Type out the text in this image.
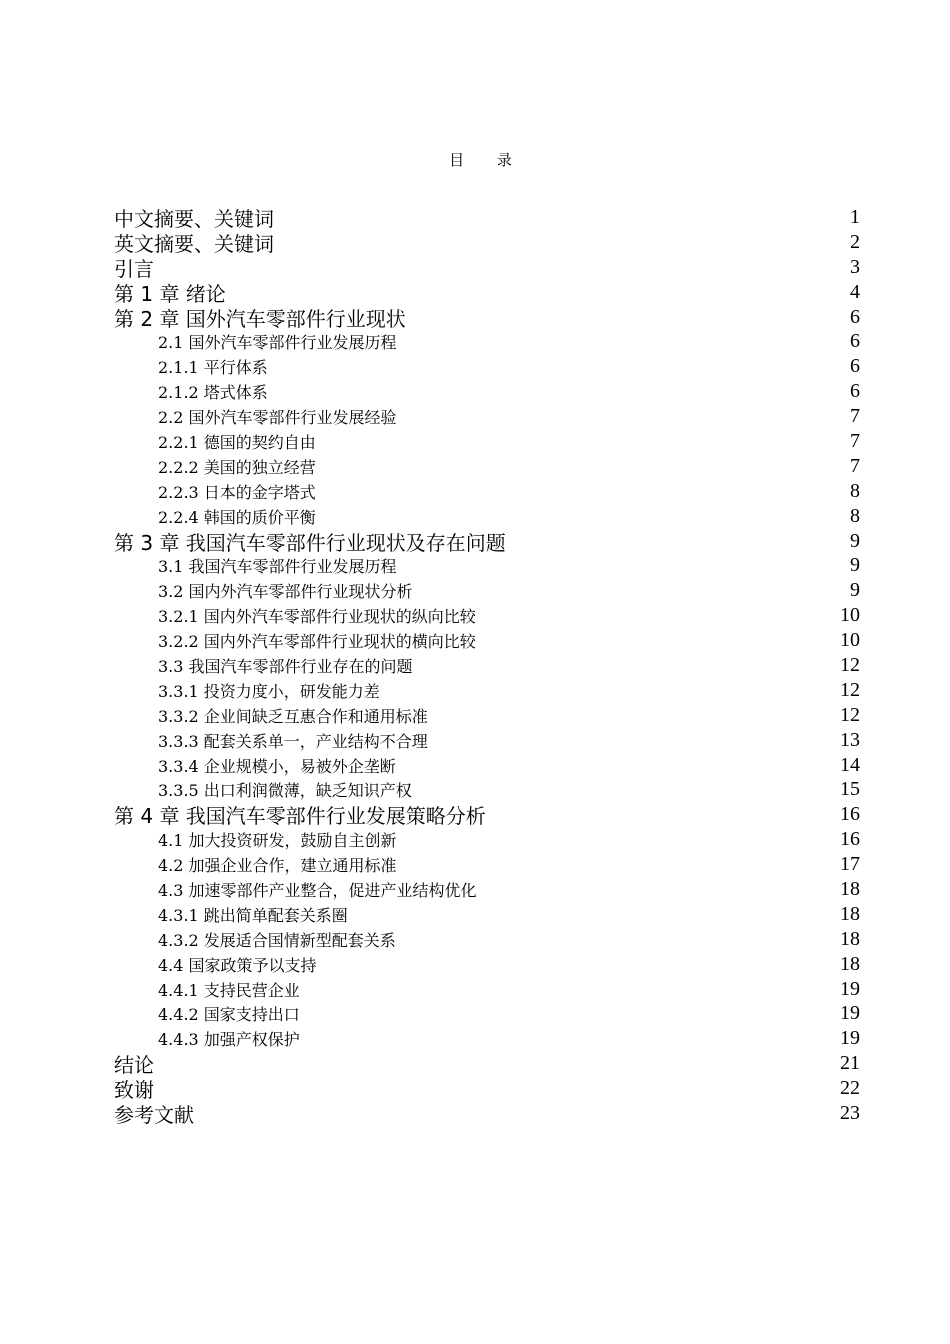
目 录
中文摘要、关键词	1
英文摘要、关键词	2
引言	3
第 1 章 绪论	4
第 2 章 国外汽车零部件行业现状	6
2.1 国外汽车零部件行业发展历程	6
2.1.1 平行体系	6
2.1.2 塔式体系	6
2.2 国外汽车零部件行业发展经验	7
2.2.1 德国的契约自由	7
2.2.2 美国的独立经营	7
2.2.3 日本的金字塔式	8
2.2.4 韩国的质价平衡	8
第 3 章 我国汽车零部件行业现状及存在问题	9
3.1 我国汽车零部件行业发展历程	9
3.2 国内外汽车零部件行业现状分析	9
3.2.1 国内外汽车零部件行业现状的纵向比较	10
3.2.2 国内外汽车零部件行业现状的横向比较	10
3.3 我国汽车零部件行业存在的问题	12
3.3.1 投资力度小，研发能力差	12
3.3.2 企业间缺乏互惠合作和通用标准	12
3.3.3 配套关系单一，产业结构不合理	13
3.3.4 企业规模小，易被外企垄断	14
3.3.5 出口利润微薄，缺乏知识产权	15
第 4 章 我国汽车零部件行业发展策略分析	16
4.1 加大投资研发，鼓励自主创新	16
4.2 加强企业合作，建立通用标准	17
4.3 加速零部件产业整合，促进产业结构优化	18
4.3.1 跳出简单配套关系圈	18
4.3.2 发展适合国情新型配套关系	18
4.4 国家政策予以支持	18
4.4.1 支持民营企业	19
4.4.2 国家支持出口	19
4.4.3 加强产权保护	19
结论	21
致谢	22
参考文献	23
